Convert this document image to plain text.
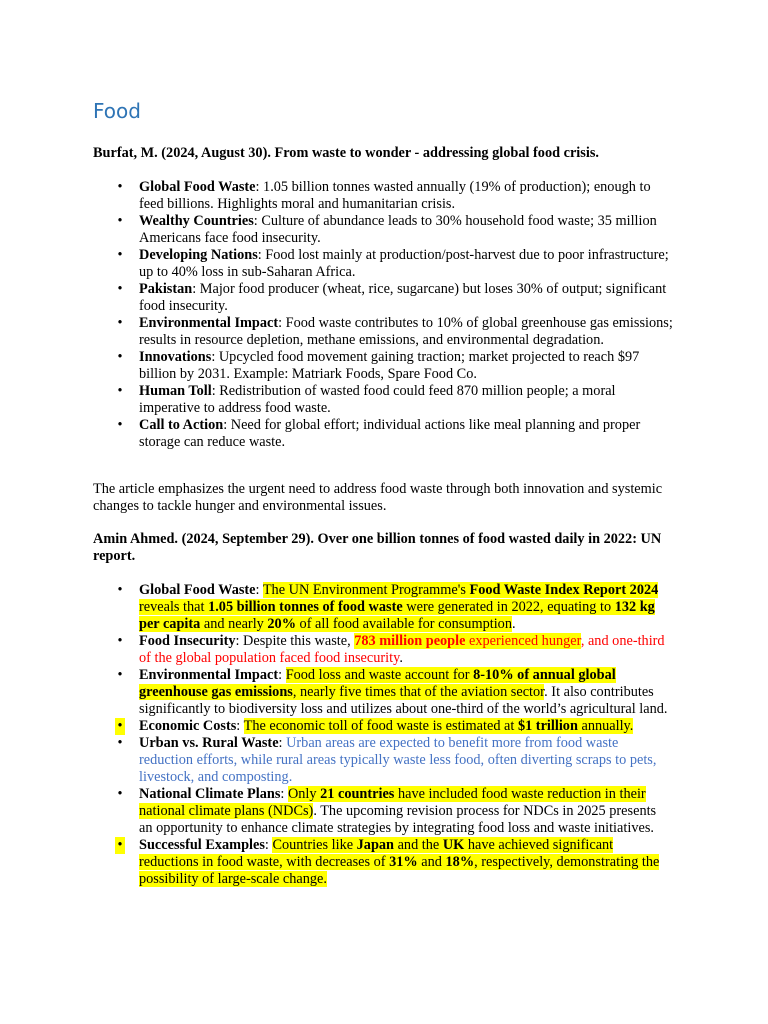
Food

Burfat, M. (2024, August 30). From waste to wonder - addressing global food crisis.

• Global Food Waste: 1.05 billion tonnes wasted annually (19% of production); enough to feed billions. Highlights moral and humanitarian crisis.
• Wealthy Countries: Culture of abundance leads to 30% household food waste; 35 million Americans face food insecurity.
• Developing Nations: Food lost mainly at production/post-harvest due to poor infrastructure; up to 40% loss in sub-Saharan Africa.
• Pakistan: Major food producer (wheat, rice, sugarcane) but loses 30% of output; significant food insecurity.
• Environmental Impact: Food waste contributes to 10% of global greenhouse gas emissions; results in resource depletion, methane emissions, and environmental degradation.
• Innovations: Upcycled food movement gaining traction; market projected to reach $97 billion by 2031. Example: Matriark Foods, Spare Food Co.
• Human Toll: Redistribution of wasted food could feed 870 million people; a moral imperative to address food waste.
• Call to Action: Need for global effort; individual actions like meal planning and proper storage can reduce waste.

The article emphasizes the urgent need to address food waste through both innovation and systemic changes to tackle hunger and environmental issues.

Amin Ahmed. (2024, September 29). Over one billion tonnes of food wasted daily in 2022: UN report.

• Global Food Waste: The UN Environment Programme's Food Waste Index Report 2024 reveals that 1.05 billion tonnes of food waste were generated in 2022, equating to 132 kg per capita and nearly 20% of all food available for consumption.
• Food Insecurity: Despite this waste, 783 million people experienced hunger, and one-third of the global population faced food insecurity.
• Environmental Impact: Food loss and waste account for 8-10% of annual global greenhouse gas emissions, nearly five times that of the aviation sector. It also contributes significantly to biodiversity loss and utilizes about one-third of the world’s agricultural land.
• Economic Costs: The economic toll of food waste is estimated at $1 trillion annually.
• Urban vs. Rural Waste: Urban areas are expected to benefit more from food waste reduction efforts, while rural areas typically waste less food, often diverting scraps to pets, livestock, and composting.
• National Climate Plans: Only 21 countries have included food waste reduction in their national climate plans (NDCs). The upcoming revision process for NDCs in 2025 presents an opportunity to enhance climate strategies by integrating food loss and waste initiatives.
• Successful Examples: Countries like Japan and the UK have achieved significant reductions in food waste, with decreases of 31% and 18%, respectively, demonstrating the possibility of large-scale change.
